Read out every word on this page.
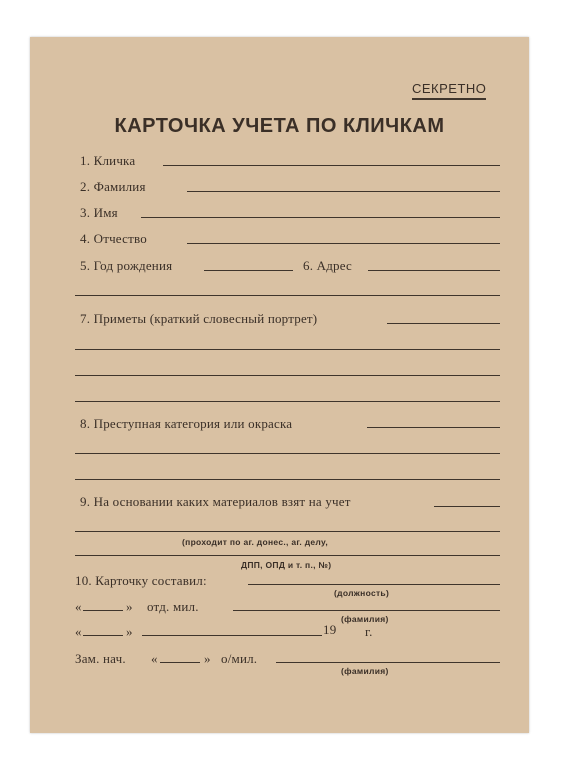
СЕКРЕТНО
КАРТОЧКА УЧЕТА ПО КЛИЧКАМ
1. Кличка
2. Фамилия
3. Имя
4. Отчество
5. Год рождения	6. Адрес
7. Приметы (краткий словесный портрет)
8. Преступная категория или окраска
9. На основании каких материалов взят на учет
(проходит по аг. донес., аг. делу,
ДПП, ОПД и т. п., №)
10. Карточку составил:
(должность)
«	» отд. мил.
(фамилия)
«	»	19 г.
Зам. нач. «	» о/мил.
(фамилия)
